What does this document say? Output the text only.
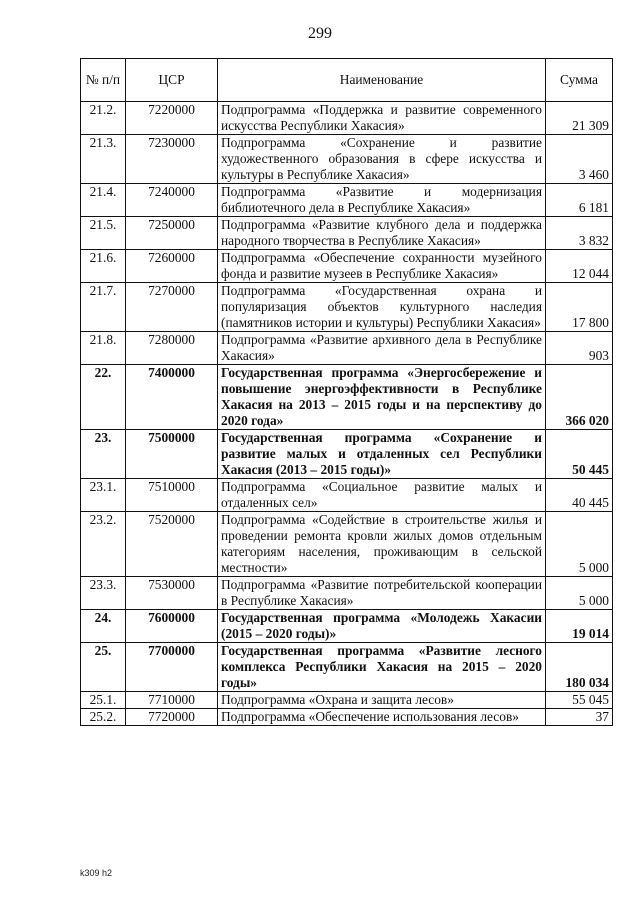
299
№ п/п	ЦСР	Наименование	Сумма
21.2.	7220000	Подпрограмма «Поддержка и развитие современного искусства Республики Хакасия»	21 309
21.3.	7230000	Подпрограмма «Сохранение и развитие художественного образования в сфере искусства и культуры в Республике Хакасия»	3 460
21.4.	7240000	Подпрограмма «Развитие и модернизация библиотечного дела в Республике Хакасия»	6 181
21.5.	7250000	Подпрограмма «Развитие клубного дела и поддержка народного творчества в Республике Хакасия»	3 832
21.6.	7260000	Подпрограмма «Обеспечение сохранности музейного фонда и развитие музеев в Республике Хакасия»	12 044
21.7.	7270000	Подпрограмма «Государственная охрана и популяризация объектов культурного наследия (памятников истории и культуры) Республики Хакасия»	17 800
21.8.	7280000	Подпрограмма «Развитие архивного дела в Республике Хакасия»	903
22.	7400000	Государственная программа «Энергосбережение и повышение энергоэффективности в Республике Хакасия на 2013 – 2015 годы и на перспективу до 2020 года»	366 020
23.	7500000	Государственная программа «Сохранение и развитие малых и отдаленных сел Республики Хакасия (2013 – 2015 годы)»	50 445
23.1.	7510000	Подпрограмма «Социальное развитие малых и отдаленных сел»	40 445
23.2.	7520000	Подпрограмма «Содействие в строительстве жилья и проведении ремонта кровли жилых домов отдельным категориям населения, проживающим в сельской местности»	5 000
23.3.	7530000	Подпрограмма «Развитие потребительской кооперации в Республике Хакасия»	5 000
24.	7600000	Государственная программа «Молодежь Хакасии (2015 – 2020 годы)»	19 014
25.	7700000	Государственная программа «Развитие лесного комплекса Республики Хакасия на 2015 – 2020 годы»	180 034
25.1.	7710000	Подпрограмма «Охрана и защита лесов»	55 045
25.2.	7720000	Подпрограмма «Обеспечение использования лесов»	37
k309 h2
